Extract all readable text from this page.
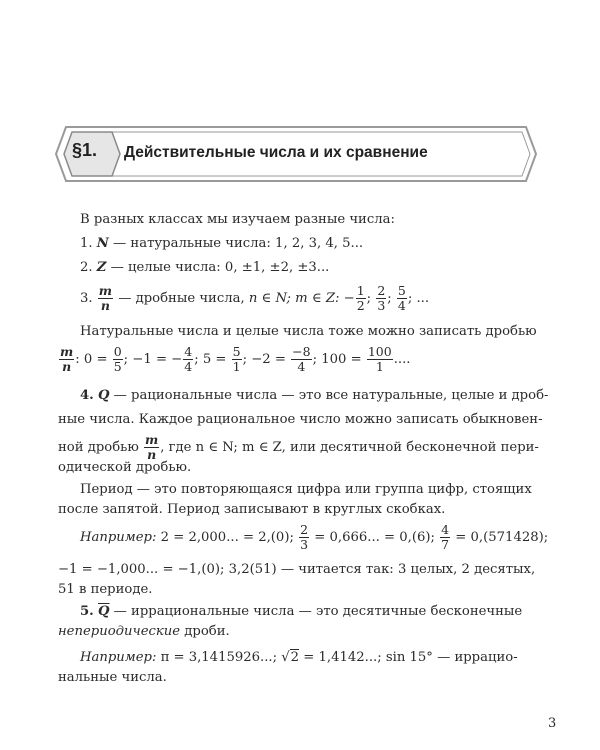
§1. Действительные числа и их сравнение
В разных классах мы изучаем разные числа:
1. N — натуральные числа: 1, 2, 3, 4, 5...
2. Z — целые числа: 0, ±1, ±2, ±3...
3. $\frac{m}{n}$ — дробные числа, n ∈ N; m ∈ Z: − $\frac{1}{2}$ ; $\frac{2}{3}$ ; $\frac{5}{4}$ ; ...
Натуральные числа и целые числа тоже можно записать дробью
$\frac{m}{n}$ : $0 = \frac{0}{5}$ ; −1 = − $\frac{4}{4}$ ; $5 = \frac{5}{1}$ ; $-2 = \frac{-8}{4}$ ; $100 = \frac{100}{1}$ ....
4. Q — рациональные числа — это все натуральные, целые и дроб-
ные числа. Каждое рациональное число можно записать обыкновен-
ной дробью $\frac{m}{n}$ , где n ∈ N; m ∈ Z, или десятичной бесконечной пери-
одической дробью.
Период — это повторяющаяся цифра или группа цифр, стоящих
после запятой. Период записывают в круглых скобках.
Например: 2 = 2,000... = 2,(0); $\frac{2}{3} = 0,666$... = 0,(6); $\frac{4}{7} = 0,(571428)$;
−1 = −1,000... = −1,(0); 3,2(51) — читается так: 3 целых, 2 десятых,
51 в периоде.
5. $\overline{Q}$ — иррациональные числа — это десятичные бесконечные
непериодические дроби.
Например: π = 3,1415926...; √2 = 1,4142...; sin 15° — иррацио-
нальные числа.
3
